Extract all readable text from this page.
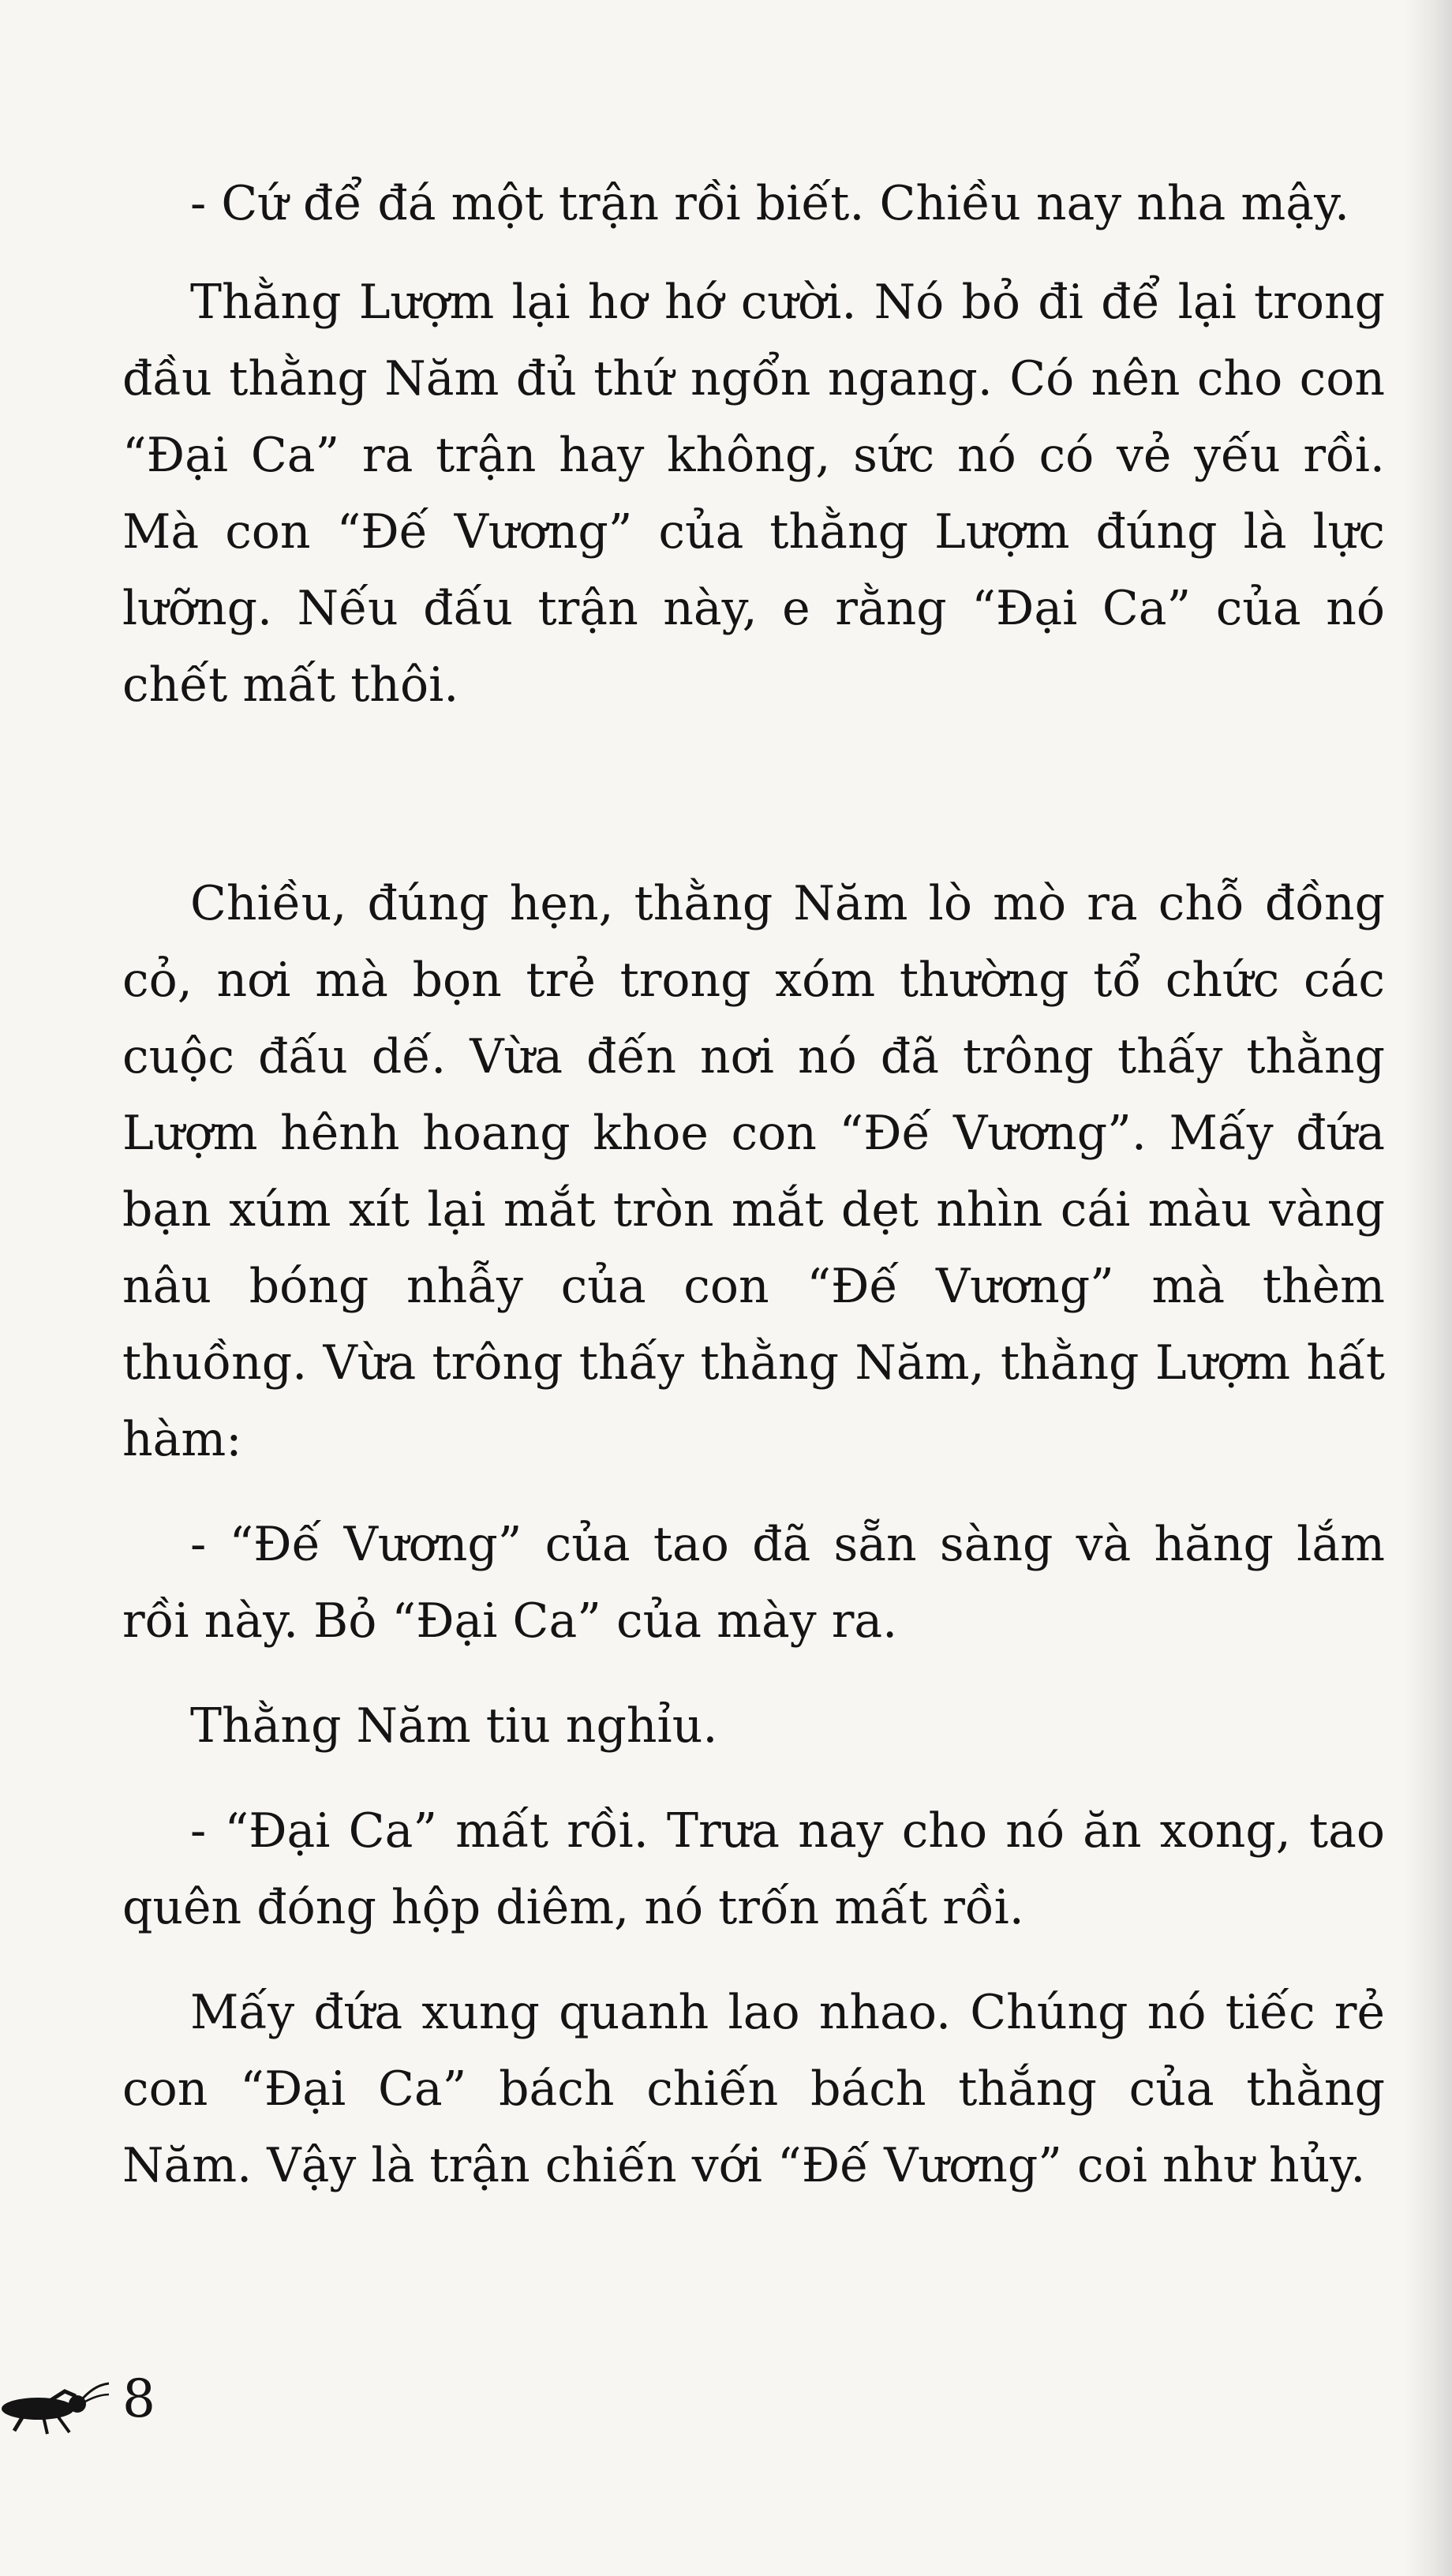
- Cứ để đá một trận rồi biết. Chiều nay nha mậy.

Thằng Lượm lại hơ hớ cười. Nó bỏ đi để lại trong đầu thằng Năm đủ thứ ngổn ngang. Có nên cho con “Đại Ca” ra trận hay không, sức nó có vẻ yếu rồi. Mà con “Đế Vương” của thằng Lượm đúng là lực lưỡng. Nếu đấu trận này, e rằng “Đại Ca” của nó chết mất thôi.

Chiều, đúng hẹn, thằng Năm lò mò ra chỗ đồng cỏ, nơi mà bọn trẻ trong xóm thường tổ chức các cuộc đấu dế. Vừa đến nơi nó đã trông thấy thằng Lượm hênh hoang khoe con “Đế Vương”. Mấy đứa bạn xúm xít lại mắt tròn mắt dẹt nhìn cái màu vàng nâu bóng nhẫy của con “Đế Vương” mà thèm thuồng. Vừa trông thấy thằng Năm, thằng Lượm hất hàm:

- “Đế Vương” của tao đã sẵn sàng và hăng lắm rồi này. Bỏ “Đại Ca” của mày ra.

Thằng Năm tiu nghỉu.

- “Đại Ca” mất rồi. Trưa nay cho nó ăn xong, tao quên đóng hộp diêm, nó trốn mất rồi.

Mấy đứa xung quanh lao nhao. Chúng nó tiếc rẻ con “Đại Ca” bách chiến bách thắng của thằng Năm. Vậy là trận chiến với “Đế Vương” coi như hủy.

8
